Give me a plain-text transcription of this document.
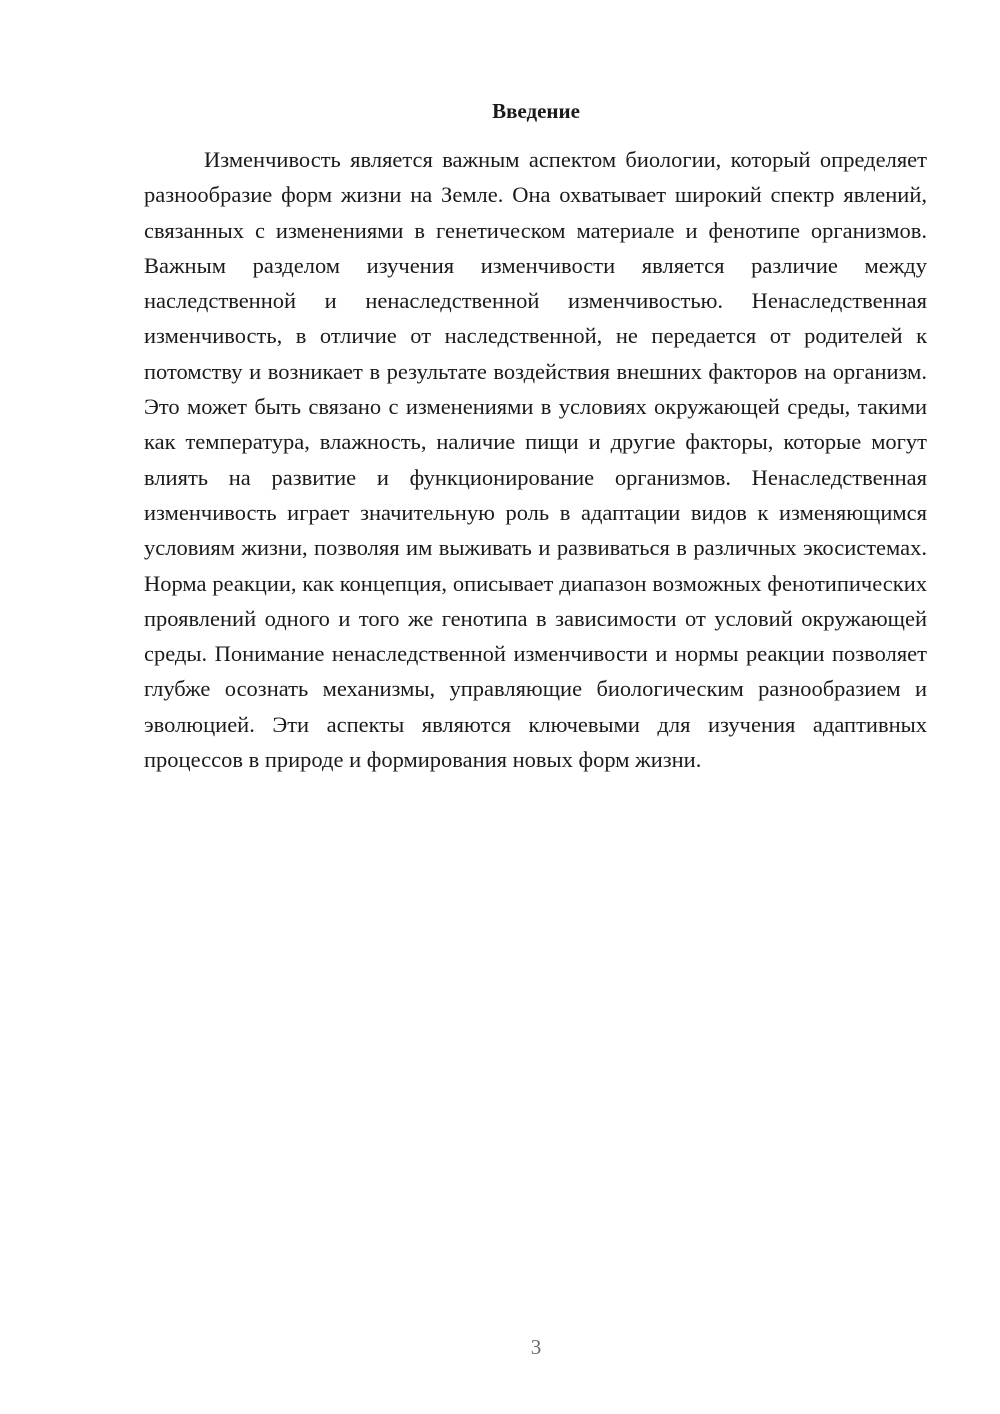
Введение

Изменчивость является важным аспектом биологии, который определяет разнообразие форм жизни на Земле. Она охватывает широкий спектр явлений, связанных с изменениями в генетическом материале и фенотипе организмов. Важным разделом изучения изменчивости является различие между наследственной и ненаследственной изменчивостью. Ненаследственная изменчивость, в отличие от наследственной, не передается от родителей к потомству и возникает в результате воздействия внешних факторов на организм. Это может быть связано с изменениями в условиях окружающей среды, такими как температура, влажность, наличие пищи и другие факторы, которые могут влиять на развитие и функционирование организмов. Ненаследственная изменчивость играет значительную роль в адаптации видов к изменяющимся условиям жизни, позволяя им выживать и развиваться в различных экосистемах. Норма реакции, как концепция, описывает диапазон возможных фенотипических проявлений одного и того же генотипа в зависимости от условий окружающей среды. Понимание ненаследственной изменчивости и нормы реакции позволяет глубже осознать механизмы, управляющие биологическим разнообразием и эволюцией. Эти аспекты являются ключевыми для изучения адаптивных процессов в природе и формирования новых форм жизни.

3
